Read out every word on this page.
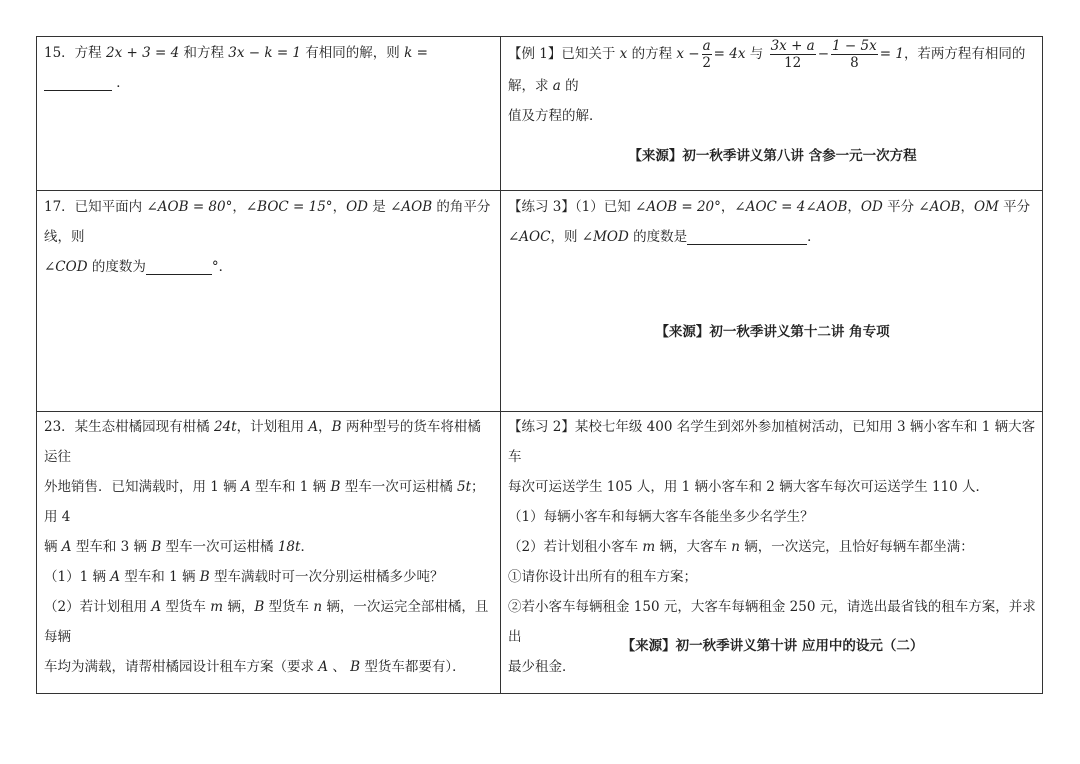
15．方程 2x + 3 = 4 和方程 3x − k = 1 有相同的解，则 k =  ．
【例 1】已知关于 x 的方程 $x - \frac{a}{2} = 4x$ 与 $\frac{3x + a}{12} - \frac{1 - 5x}{8} = 1$，若两方程有相同的解，求 a 的
值及方程的解．
【来源】初一秋季讲义第八讲 含参一元一次方程
17．已知平面内 ∠AOB = 80°，∠BOC = 15°，OD 是 ∠AOB 的角平分线，则
∠COD 的度数为	°．
【练习 3】（1）已知 ∠AOB = 20°，∠AOC = 4∠AOB，OD 平分 ∠AOB，OM 平分
∠AOC，则 ∠MOD 的度数是	．
【来源】初一秋季讲义第十二讲 角专项
23．某生态柑橘园现有柑橘 24t，计划租用 A，B 两种型号的货车将柑橘运往
外地销售．已知满载时，用 1 辆 A 型车和 1 辆 B 型车一次可运柑橘 5t；用 4
辆 A 型车和 3 辆 B 型车一次可运柑橘 18t．
（1）1 辆 A 型车和 1 辆 B 型车满载时可一次分别运柑橘多少吨？
（2）若计划租用 A 型货车 m 辆，B 型货车 n 辆，一次运完全部柑橘，且每辆
车均为满载，请帮柑橘园设计租车方案（要求 A 、 B 型货车都要有）．
【练习 2】某校七年级 400 名学生到郊外参加植树活动，已知用 3 辆小客车和 1 辆大客车
每次可运送学生 105 人，用 1 辆小客车和 2 辆大客车每次可运送学生 110 人．
（1）每辆小客车和每辆大客车各能坐多少名学生？
（2）若计划租小客车 m 辆，大客车 n 辆，一次送完，且恰好每辆车都坐满：
①请你设计出所有的租车方案；
②若小客车每辆租金 150 元，大客车每辆租金 250 元，请选出最省钱的租车方案，并求出
最少租金．
【来源】初一秋季讲义第十讲 应用中的设元（二）
